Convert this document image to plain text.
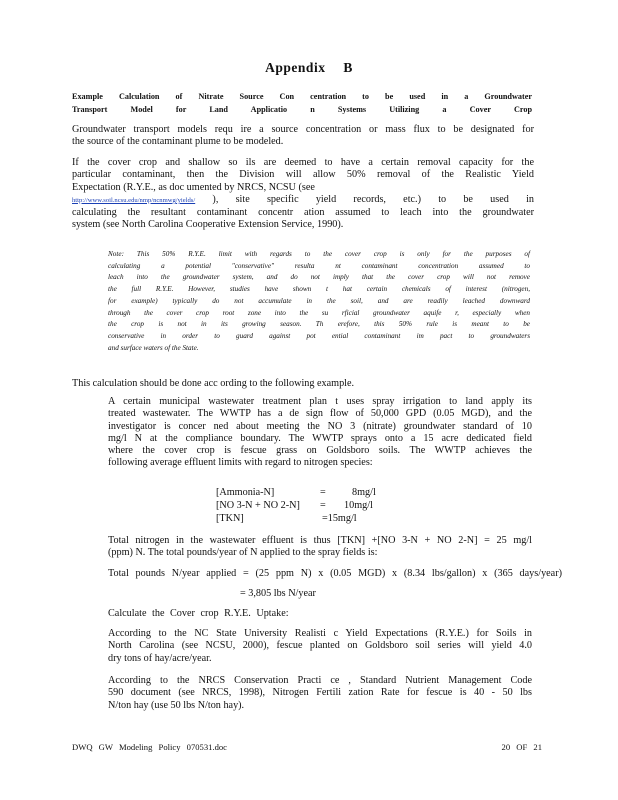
Appendix B
Example Calculation of Nitrate Source Con centration to be used in a Groundwater
Transport Model for Land Applicatio n Systems Utilizing a Cover Crop
Groundwater transport models requ ire a source concentration or mass flux to be designated for
the source of the contaminant plume to be modeled.
If the cover crop and shallow so ils are deemed to have a certain removal capacity for the
particular contaminant, then the Division will allow 50% removal of the Realistic Yield
Expectation (R.Y.E., as doc umented by NRCS, NCSU (see
http://www.soil.ncsu.edu/nmp/ncnmwg/yields/ ), site specific yield records, etc.) to be used in
calculating the resultant contaminant concentr ation assumed to leach into the groundwater
system (see North Carolina Cooperative Extension Service, 1990).
Note: This 50% R.Y.E. limit with regards to the cover crop is only for the purposes of
calculating a potential "conservative" resulta nt contaminant concentration assumed to
leach into the groundwater system, and do not imply that the cover crop will not remove
the full R.Y.E. However, studies have shown t hat certain chemicals of interest (nitrogen,
for example) typically do not accumulate in the soil, and are readily leached downward
through the cover crop root zone into the su rficial groundwater aquife r, especially when
the crop is not in its growing season. Th erefore, this 50% rule is meant to be
conservative in order to guard against pot ential contaminant im pact to groundwaters
and surface waters of the State.
This calculation should be done acc ording to the following example.
A certain municipal wastewater treatment plan t uses spray irrigation to land apply its
treated wastewater. The WWTP has a de sign flow of 50,000 GPD (0.05 MGD), and the
investigator is concer ned about meeting the NO 3 (nitrate) groundwater standard of 10
mg/l N at the compliance boundary. The WWTP sprays onto a 15 acre dedicated field
where the cover crop is fescue grass on Goldsboro soils. The WWTP achieves the
following average effluent limits with regard to nitrogen species:
[Ammonia-N]	=	8mg/l
[NO 3-N + NO 2-N] = 10mg/l
[TKN]	=15mg/l
Total nitrogen in the wastewater effluent is thus [TKN] +[NO 3-N + NO 2-N] = 25 mg/l
(ppm) N. The total pounds/year of N applied to the spray fields is:
Total pounds N/year applied = (25 ppm N) x (0.05 MGD) x (8.34 lbs/gallon) x (365 days/year)
= 3,805 lbs N/year
Calculate the Cover crop R.Y.E. Uptake:
According to the NC State University Realisti c Yield Expectations (R.Y.E.) for Soils in
North Carolina (see NCSU, 2000), fescue planted on Goldsboro soil series will yield 4.0
dry tons of hay/acre/year.
According to the NRCS Conservation Practi ce , Standard Nutrient Management Code
590 document (see NRCS, 1998), Nitrogen Fertili zation Rate for fescue is 40 - 50 lbs
N/ton hay (use 50 lbs N/ton hay).
DWQ GW Modeling Policy 070531.doc	20 OF 21
